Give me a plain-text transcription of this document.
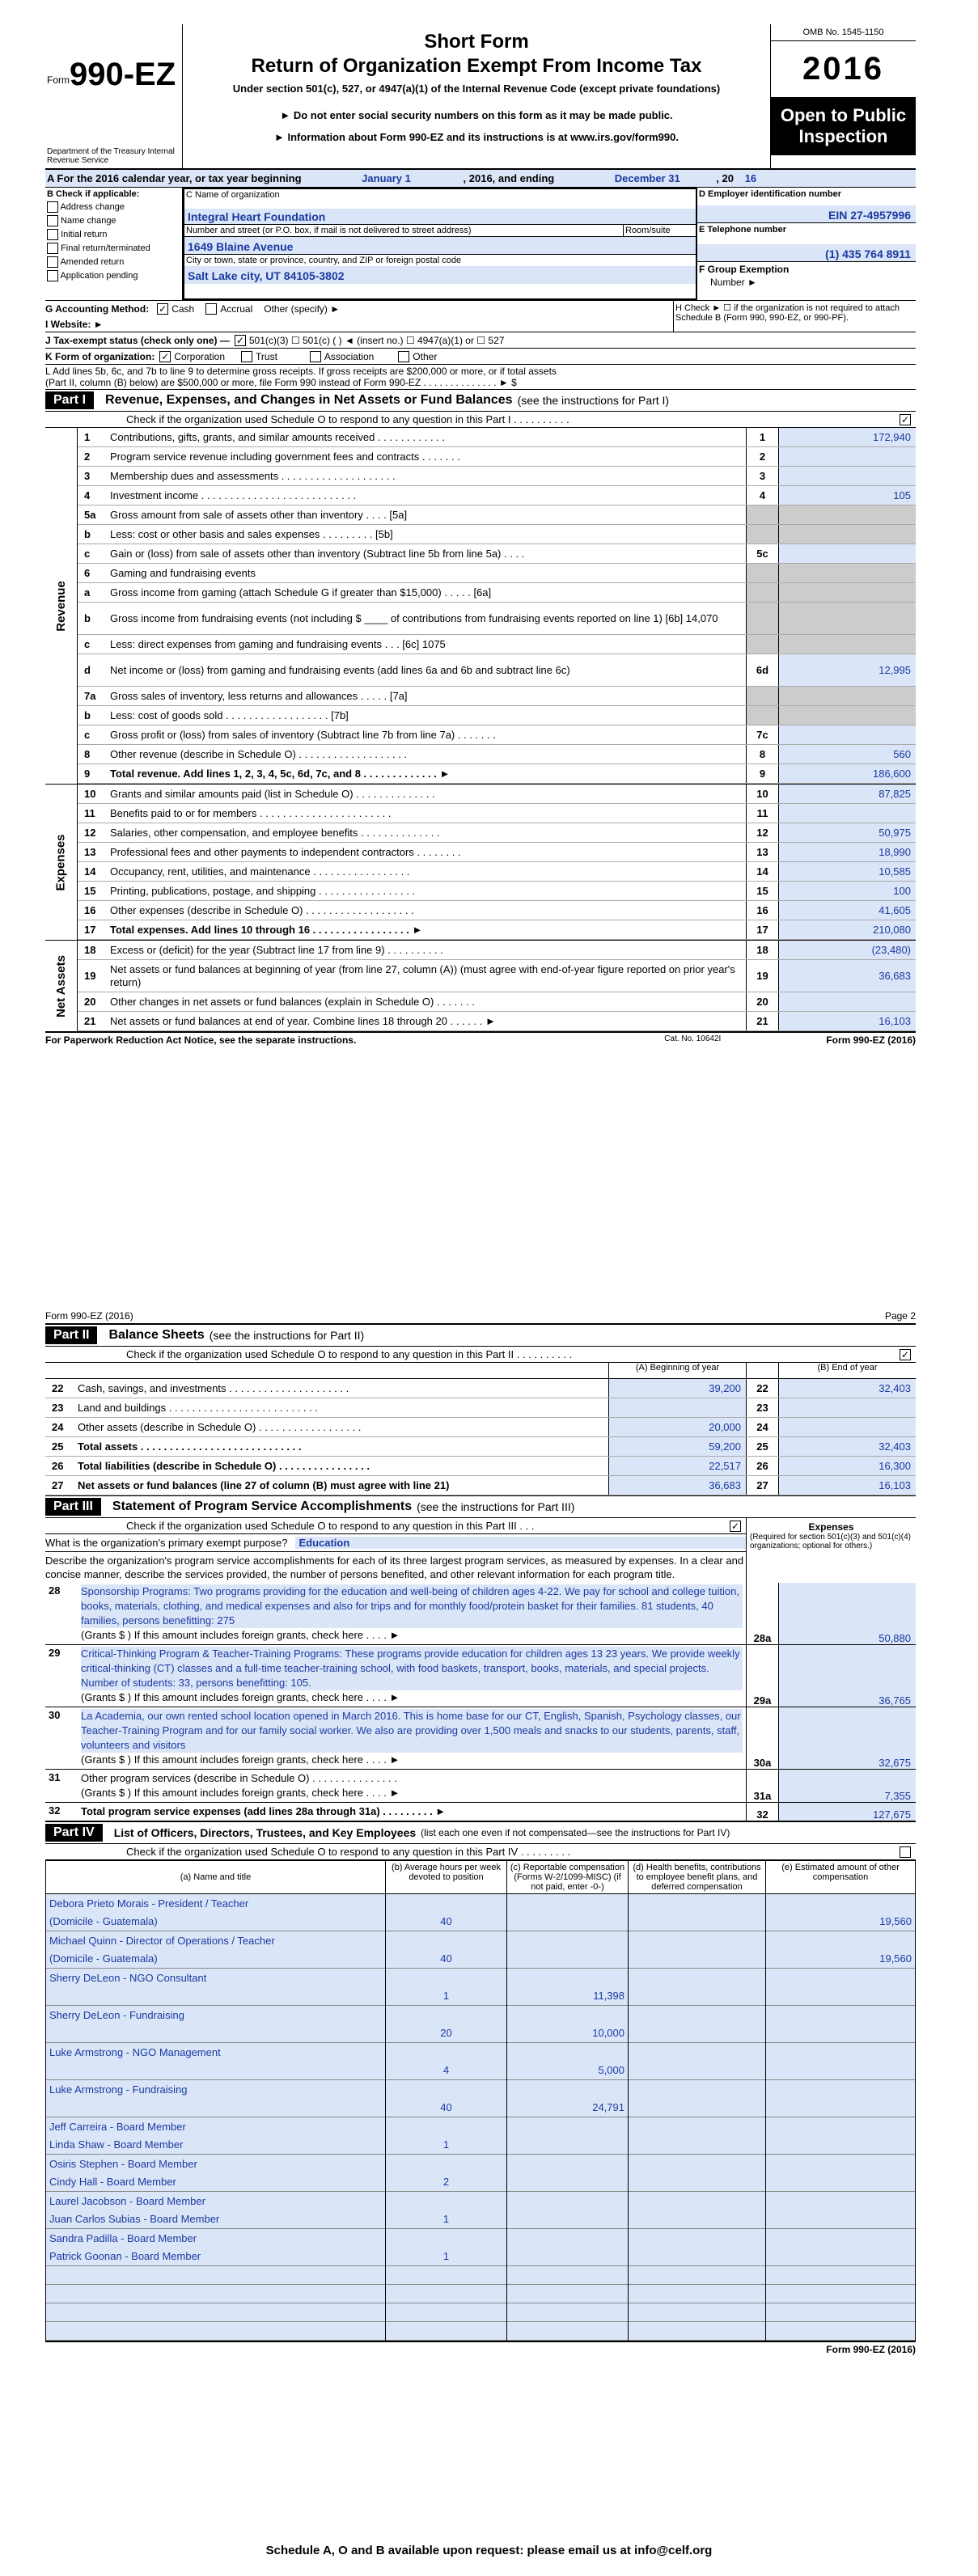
Form 990-EZ
Department of the Treasury Internal Revenue Service
Short Form
Return of Organization Exempt From Income Tax
Under section 501(c), 527, or 4947(a)(1) of the Internal Revenue Code (except private foundations)
► Do not enter social security numbers on this form as it may be made public.
► Information about Form 990-EZ and its instructions is at www.irs.gov/form990.
OMB No. 1545-1150
2016
Open to Public Inspection
A For the 2016 calendar year, or tax year beginning	January 1	, 2016, and ending	December 31	, 20	16
B Check if applicable:
Address change
Name change
Initial return
Final return/terminated
Amended return
Application pending
C Name of organization
Integral Heart Foundation
Number and street (or P.O. box, if mail is not delivered to street address)	Room/suite
1649 Blaine Avenue
City or town, state or province, country, and ZIP or foreign postal code
Salt Lake city, UT 84105-3802
D Employer identification number
EIN 27-4957996
E Telephone number
(1) 435 764 8911
F Group Exemption
Number ►
G Accounting Method: ✓ Cash	Accrual Other (specify) ►
I Website: ►
H Check ► ☐ if the organization is not required to attach Schedule B (Form 990, 990-EZ, or 990-PF).
J Tax-exempt status (check only one) — ✓ 501(c)(3) ☐ 501(c) ( ) ◄ (insert no.) ☐ 4947(a)(1) or ☐ 527
K Form of organization: ✓ Corporation	Trust	Association	Other
L Add lines 5b, 6c, and 7b to line 9 to determine gross receipts. If gross receipts are $200,000 or more, or if total assets
(Part II, column (B) below) are $500,000 or more, file Form 990 instead of Form 990-EZ . . . . . . . . . . . . . . ► $
Part I	Revenue, Expenses, and Changes in Net Assets or Fund Balances (see the instructions for Part I)
Check if the organization used Schedule O to respond to any question in this Part I . . . . . . . . . .	✓
Revenue
1	Contributions, gifts, grants, and similar amounts received . . . . . . . . . . . .	1	172,940
2	Program service revenue including government fees and contracts . . . . . . .	2
3	Membership dues and assessments . . . . . . . . . . . . . . . . . . . .	3
4	Investment income . . . . . . . . . . . . . . . . . . . . . . . . . . .	4	105
5a	Gross amount from sale of assets other than inventory . . . . [5a]
b	Less: cost or other basis and sales expenses . . . . . . . . . [5b]
c	Gain or (loss) from sale of assets other than inventory (Subtract line 5b from line 5a) . . . .	5c
6	Gaming and fundraising events
a	Gross income from gaming (attach Schedule G if greater than $15,000) . . . . . [6a]
b	Gross income from fundraising events (not including $ ____ of contributions from fundraising events reported on line 1) [6b] 14,070
c	Less: direct expenses from gaming and fundraising events . . . [6c] 1075
d	Net income or (loss) from gaming and fundraising events (add lines 6a and 6b and subtract line 6c)	6d	12,995
7a	Gross sales of inventory, less returns and allowances . . . . . [7a]
b	Less: cost of goods sold . . . . . . . . . . . . . . . . . . [7b]
c	Gross profit or (loss) from sales of inventory (Subtract line 7b from line 7a) . . . . . . .	7c
8	Other revenue (describe in Schedule O) . . . . . . . . . . . . . . . . . . .	8	560
9	Total revenue. Add lines 1, 2, 3, 4, 5c, 6d, 7c, and 8 . . . . . . . . . . . . . ►	9	186,600
Expenses
10	Grants and similar amounts paid (list in Schedule O) . . . . . . . . . . . . . .	10	87,825
11	Benefits paid to or for members . . . . . . . . . . . . . . . . . . . . . . .	11
12	Salaries, other compensation, and employee benefits . . . . . . . . . . . . . .	12	50,975
13	Professional fees and other payments to independent contractors . . . . . . . .	13	18,990
14	Occupancy, rent, utilities, and maintenance . . . . . . . . . . . . . . . . .	14	10,585
15	Printing, publications, postage, and shipping . . . . . . . . . . . . . . . . .	15	100
16	Other expenses (describe in Schedule O) . . . . . . . . . . . . . . . . . . .	16	41,605
17	Total expenses. Add lines 10 through 16 . . . . . . . . . . . . . . . . . ►	17	210,080
Net Assets
18	Excess or (deficit) for the year (Subtract line 17 from line 9) . . . . . . . . . .	18	(23,480)
19
Net assets or fund balances at beginning of year (from line 27, column (A)) (must agree with end-of-year figure reported on prior year's return)	19	36,683
20	Other changes in net assets or fund balances (explain in Schedule O) . . . . . . .	20
21	Net assets or fund balances at end of year. Combine lines 18 through 20 . . . . . . ►	21	16,103
For Paperwork Reduction Act Notice, see the separate instructions.	Cat. No. 10642I	Form 990-EZ (2016)
Form 990-EZ (2016)	Page 2
Part II	Balance Sheets (see the instructions for Part II)
Check if the organization used Schedule O to respond to any question in this Part II . . . . . . . . . .	✓
(A) Beginning of year	(B) End of year
22	Cash, savings, and investments . . . . . . . . . . . . . . . . . . . . .	39,200	22	32,403
23	Land and buildings . . . . . . . . . . . . . . . . . . . . . . . . . .	23
24	Other assets (describe in Schedule O) . . . . . . . . . . . . . . . . . .	20,000	24
25	Total assets . . . . . . . . . . . . . . . . . . . . . . . . . . . .	59,200	25	32,403
26	Total liabilities (describe in Schedule O) . . . . . . . . . . . . . . . .	22,517	26	16,300
27	Net assets or fund balances (line 27 of column (B) must agree with line 21)	36,683	27	16,103
Part III	Statement of Program Service Accomplishments (see the instructions for Part III)
Check if the organization used Schedule O to respond to any question in this Part III . . .	✓
What is the organization's primary exempt purpose?	Education
Describe the organization's program service accomplishments for each of its three largest program services, as measured by expenses. In a clear and concise manner, describe the services provided, the number of persons benefited, and other relevant information for each program title.
Expenses
(Required for section 501(c)(3) and 501(c)(4) organizations; optional for others.)
28	Sponsorship Programs: Two programs providing for the education and well-being of children ages 4-22. We pay for school and college tuition, books, materials, clothing, and medical expenses and also for trips and for monthly food/protein basket for their families. 81 students, 40 families, persons benefitting: 275
(Grants $ ) If this amount includes foreign grants, check here . . . . ►	28a	50,880
29	Critical-Thinking Program & Teacher-Training Programs: These programs provide education for children ages 13 23 years. We provide weekly critical-thinking (CT) classes and a full-time teacher-training school, with food baskets, transport, books, materials, and special projects. Number of students: 33, persons benefitting: 105.
(Grants $ ) If this amount includes foreign grants, check here . . . . ►	29a	36,765
30	La Academia, our own rented school location opened in March 2016. This is home base for our CT, English, Spanish, Psychology classes, our Teacher-Training Program and for our family social worker. We also are providing over 1,500 meals and snacks to our students, parents, staff, volunteers and visitors
(Grants $ ) If this amount includes foreign grants, check here . . . . ►	30a	32,675
31	Other program services (describe in Schedule O) . . . . . . . . . . . . . . .
(Grants $ ) If this amount includes foreign grants, check here . . . . ►	31a	7,355
32	Total program service expenses (add lines 28a through 31a) . . . . . . . . . ►	32	127,675
Part IV	List of Officers, Directors, Trustees, and Key Employees (list each one even if not compensated—see the instructions for Part IV)
Check if the organization used Schedule O to respond to any question in this Part IV . . . . . . . . .
(a) Name and title	(b) Average hours per week devoted to position	(c) Reportable compensation (Forms W-2/1099-MISC) (if not paid, enter -0-)	(d) Health benefits, contributions to employee benefit plans, and deferred compensation	(e) Estimated amount of other compensation
Debora Prieto Morais - President / Teacher				
(Domicile - Guatemala)	40			19,560
Michael Quinn - Director of Operations / Teacher				
(Domicile - Guatemala)	40			19,560
Sherry DeLeon - NGO Consultant				
	1	11,398		
Sherry DeLeon - Fundraising				
	20	10,000		
Luke Armstrong - NGO Management				
	4	5,000		
Luke Armstrong - Fundraising				
	40	24,791		
Jeff Carreira - Board Member				
Linda Shaw - Board Member	1			
Osiris Stephen - Board Member				
Cindy Hall - Board Member	2			
Laurel Jacobson - Board Member				
Juan Carlos Subias - Board Member	1			
Sandra Padilla - Board Member				
Patrick Goonan - Board Member	1			

Form 990-EZ (2016)
Schedule A, O and B available upon request: please email us at info@celf.org
